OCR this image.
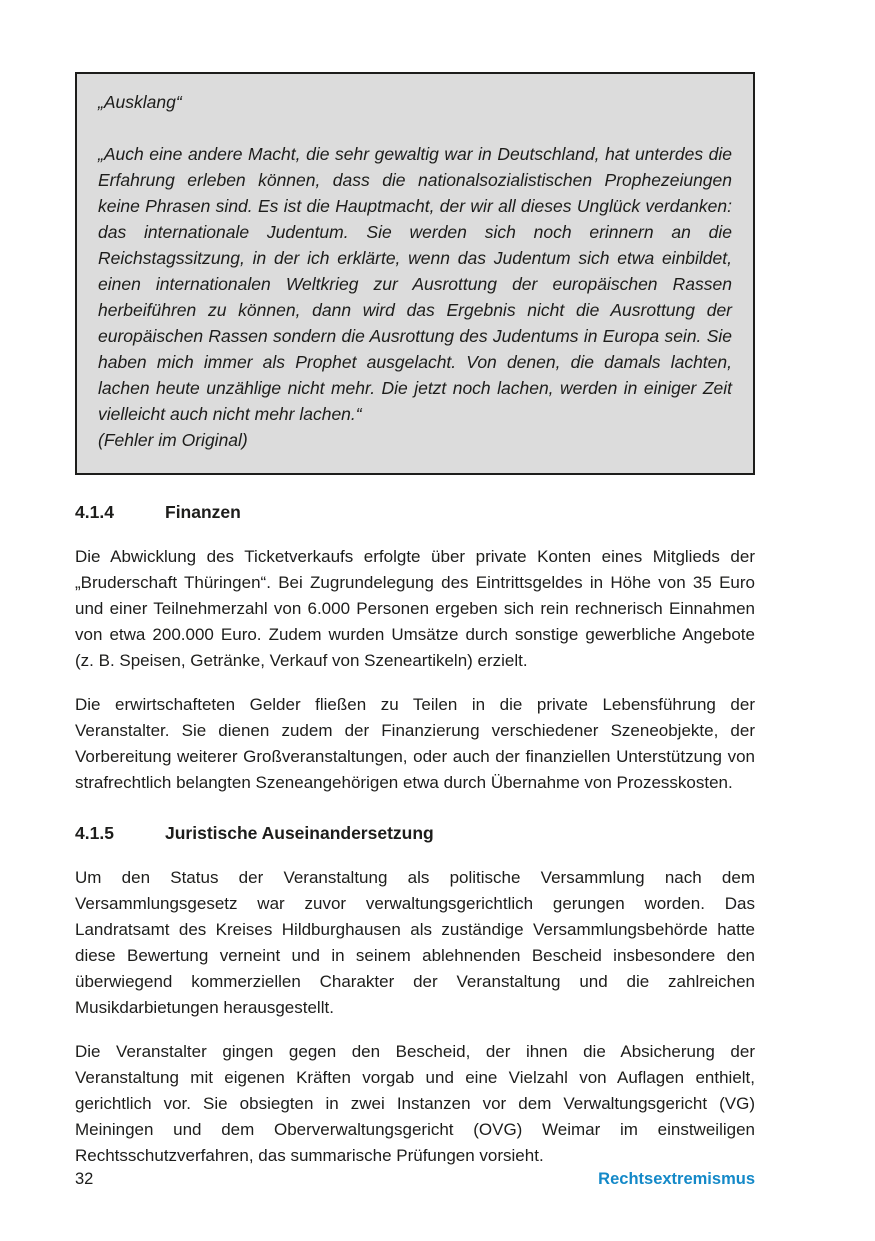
„Ausklang“

„Auch eine andere Macht, die sehr gewaltig war in Deutschland, hat unterdes die Erfahrung erleben können, dass die nationalsozialistischen Prophezeiungen keine Phrasen sind. Es ist die Hauptmacht, der wir all dieses Unglück verdanken: das internationale Judentum. Sie werden sich noch erinnern an die Reichstagssitzung, in der ich erklärte, wenn das Judentum sich etwa einbildet, einen internationalen Weltkrieg zur Ausrottung der europäischen Rassen herbeiführen zu können, dann wird das Ergebnis nicht die Ausrottung der europäischen Rassen sondern die Ausrottung des Judentums in Europa sein. Sie haben mich immer als Prophet ausgelacht. Von denen, die damals lachten, lachen heute unzählige nicht mehr. Die jetzt noch lachen, werden in einiger Zeit vielleicht auch nicht mehr lachen.“

(Fehler im Original)

4.1.4	Finanzen

Die Abwicklung des Ticketverkaufs erfolgte über private Konten eines Mitglieds der „Bruderschaft Thüringen“. Bei Zugrundelegung des Eintrittsgeldes in Höhe von 35 Euro und einer Teilnehmerzahl von 6.000 Personen ergeben sich rein rechnerisch Einnahmen von etwa 200.000 Euro. Zudem wurden Umsätze durch sonstige gewerbliche Angebote (z. B. Speisen, Getränke, Verkauf von Szeneartikeln) erzielt.

Die erwirtschafteten Gelder fließen zu Teilen in die private Lebensführung der Veranstalter. Sie dienen zudem der Finanzierung verschiedener Szeneobjekte, der Vorbereitung weiterer Großveranstaltungen, oder auch der finanziellen Unterstützung von strafrechtlich belangten Szeneangehörigen etwa durch Übernahme von Prozesskosten.

4.1.5	Juristische Auseinandersetzung

Um den Status der Veranstaltung als politische Versammlung nach dem Versammlungsgesetz war zuvor verwaltungsgerichtlich gerungen worden. Das Landratsamt des Kreises Hildburghausen als zuständige Versammlungsbehörde hatte diese Bewertung verneint und in seinem ablehnenden Bescheid insbesondere den überwiegend kommerziellen Charakter der Veranstaltung und die zahlreichen Musikdarbietungen herausgestellt.

Die Veranstalter gingen gegen den Bescheid, der ihnen die Absicherung der Veranstaltung mit eigenen Kräften vorgab und eine Vielzahl von Auflagen enthielt, gerichtlich vor. Sie obsiegten in zwei Instanzen vor dem Verwaltungsgericht (VG) Meiningen und dem Oberverwaltungsgericht (OVG) Weimar im einstweiligen Rechtsschutzverfahren, das summarische Prüfungen vorsieht.

32	Rechtsextremismus
